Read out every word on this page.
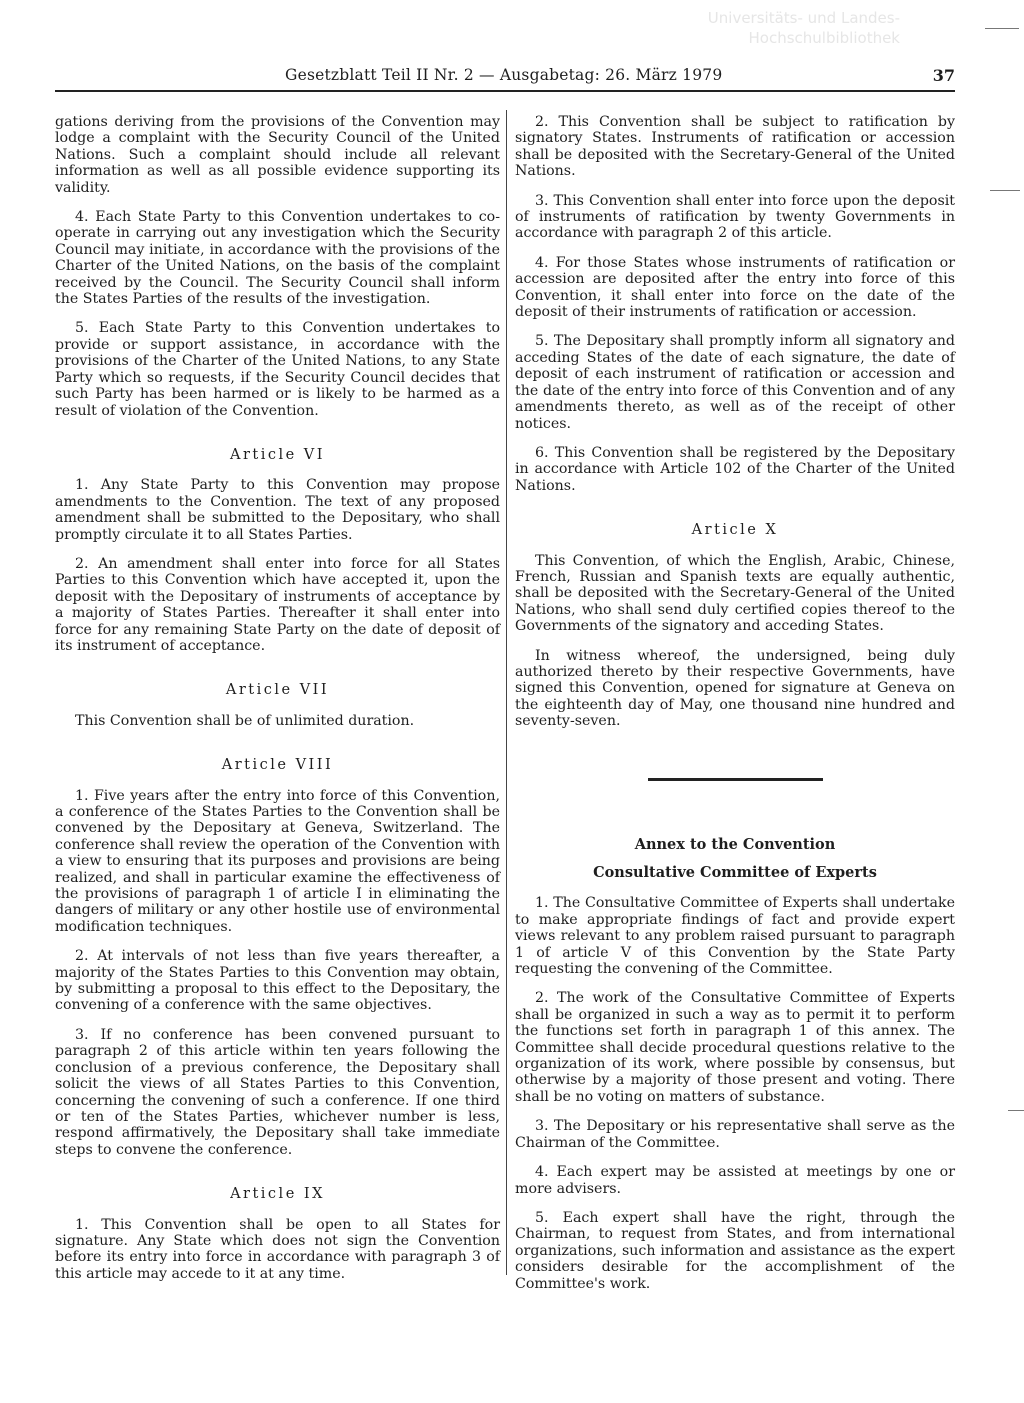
Universitäts- und Landes-
Hochschulbibliothek
Gesetzblatt Teil II Nr. 2 — Ausgabetag: 26. März 1979	37

gations deriving from the provisions of the Convention may lodge a complaint with the Security Council of the United Nations. Such a complaint should include all relevant information as well as all possible evidence supporting its validity.

4. Each State Party to this Convention undertakes to co-operate in carrying out any investigation which the Security Council may initiate, in accordance with the provisions of the Charter of the United Nations, on the basis of the complaint received by the Council. The Security Council shall inform the States Parties of the results of the investigation.

5. Each State Party to this Convention undertakes to provide or support assistance, in accordance with the provisions of the Charter of the United Nations, to any State Party which so requests, if the Security Council decides that such Party has been harmed or is likely to be harmed as a result of violation of the Convention.

Article VI

1. Any State Party to this Convention may propose amendments to the Convention. The text of any proposed amendment shall be submitted to the Depositary, who shall promptly circulate it to all States Parties.

2. An amendment shall enter into force for all States Parties to this Convention which have accepted it, upon the deposit with the Depositary of instruments of acceptance by a majority of States Parties. Thereafter it shall enter into force for any remaining State Party on the date of deposit of its instrument of acceptance.

Article VII

This Convention shall be of unlimited duration.

Article VIII

1. Five years after the entry into force of this Convention, a conference of the States Parties to the Convention shall be convened by the Depositary at Geneva, Switzerland. The conference shall review the operation of the Convention with a view to ensuring that its purposes and provisions are being realized, and shall in particular examine the effectiveness of the provisions of paragraph 1 of article I in eliminating the dangers of military or any other hostile use of environmental modification techniques.

2. At intervals of not less than five years thereafter, a majority of the States Parties to this Convention may obtain, by submitting a proposal to this effect to the Depositary, the convening of a conference with the same objectives.

3. If no conference has been convened pursuant to paragraph 2 of this article within ten years following the conclusion of a previous conference, the Depositary shall solicit the views of all States Parties to this Convention, concerning the convening of such a conference. If one third or ten of the States Parties, whichever number is less, respond affirmatively, the Depositary shall take immediate steps to convene the conference.

Article IX

1. This Convention shall be open to all States for signature. Any State which does not sign the Convention before its entry into force in accordance with paragraph 3 of this article may accede to it at any time.

2. This Convention shall be subject to ratification by signatory States. Instruments of ratification or accession shall be deposited with the Secretary-General of the United Nations.

3. This Convention shall enter into force upon the deposit of instruments of ratification by twenty Governments in accordance with paragraph 2 of this article.

4. For those States whose instruments of ratification or accession are deposited after the entry into force of this Convention, it shall enter into force on the date of the deposit of their instruments of ratification or accession.

5. The Depositary shall promptly inform all signatory and acceding States of the date of each signature, the date of deposit of each instrument of ratification or accession and the date of the entry into force of this Convention and of any amendments thereto, as well as of the receipt of other notices.

6. This Convention shall be registered by the Depositary in accordance with Article 102 of the Charter of the United Nations.

Article X

This Convention, of which the English, Arabic, Chinese, French, Russian and Spanish texts are equally authentic, shall be deposited with the Secretary-General of the United Nations, who shall send duly certified copies thereof to the Governments of the signatory and acceding States.

In witness whereof, the undersigned, being duly authorized thereto by their respective Governments, have signed this Convention, opened for signature at Geneva on the eighteenth day of May, one thousand nine hundred and seventy-seven.

Annex to the Convention
Consultative Committee of Experts

1. The Consultative Committee of Experts shall undertake to make appropriate findings of fact and provide expert views relevant to any problem raised pursuant to paragraph 1 of article V of this Convention by the State Party requesting the convening of the Committee.

2. The work of the Consultative Committee of Experts shall be organized in such a way as to permit it to perform the functions set forth in paragraph 1 of this annex. The Committee shall decide procedural questions relative to the organization of its work, where possible by consensus, but otherwise by a majority of those present and voting. There shall be no voting on matters of substance.

3. The Depositary or his representative shall serve as the Chairman of the Committee.

4. Each expert may be assisted at meetings by one or more advisers.

5. Each expert shall have the right, through the Chairman, to request from States, and from international organizations, such information and assistance as the expert considers desirable for the accomplishment of the Committee's work.
